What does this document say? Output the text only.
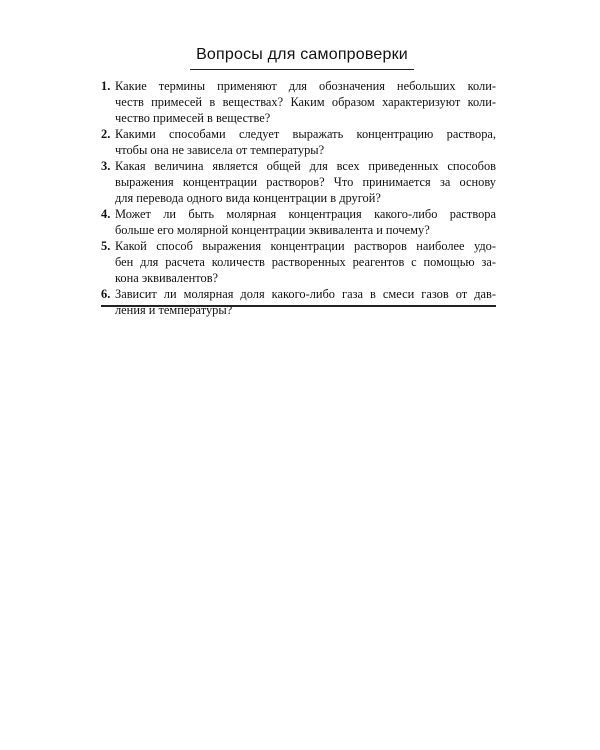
Вопросы для самопроверки
1. Какие термины применяют для обозначения небольших коли-
честв примесей в веществах? Каким образом характеризуют коли-
чество примесей в веществе?
2. Какими способами следует выражать концентрацию раствора,
чтобы она не зависела от температуры?
3. Какая величина является общей для всех приведенных способов
выражения концентрации растворов? Что принимается за основу
для перевода одного вида концентрации в другой?
4. Может ли быть молярная концентрация какого-либо раствора
больше его молярной концентрации эквивалента и почему?
5. Какой способ выражения концентрации растворов наиболее удо-
бен для расчета количеств растворенных реагентов с помощью за-
кона эквивалентов?
6. Зависит ли молярная доля какого-либо газа в смеси газов от дав-
ления и температуры?
